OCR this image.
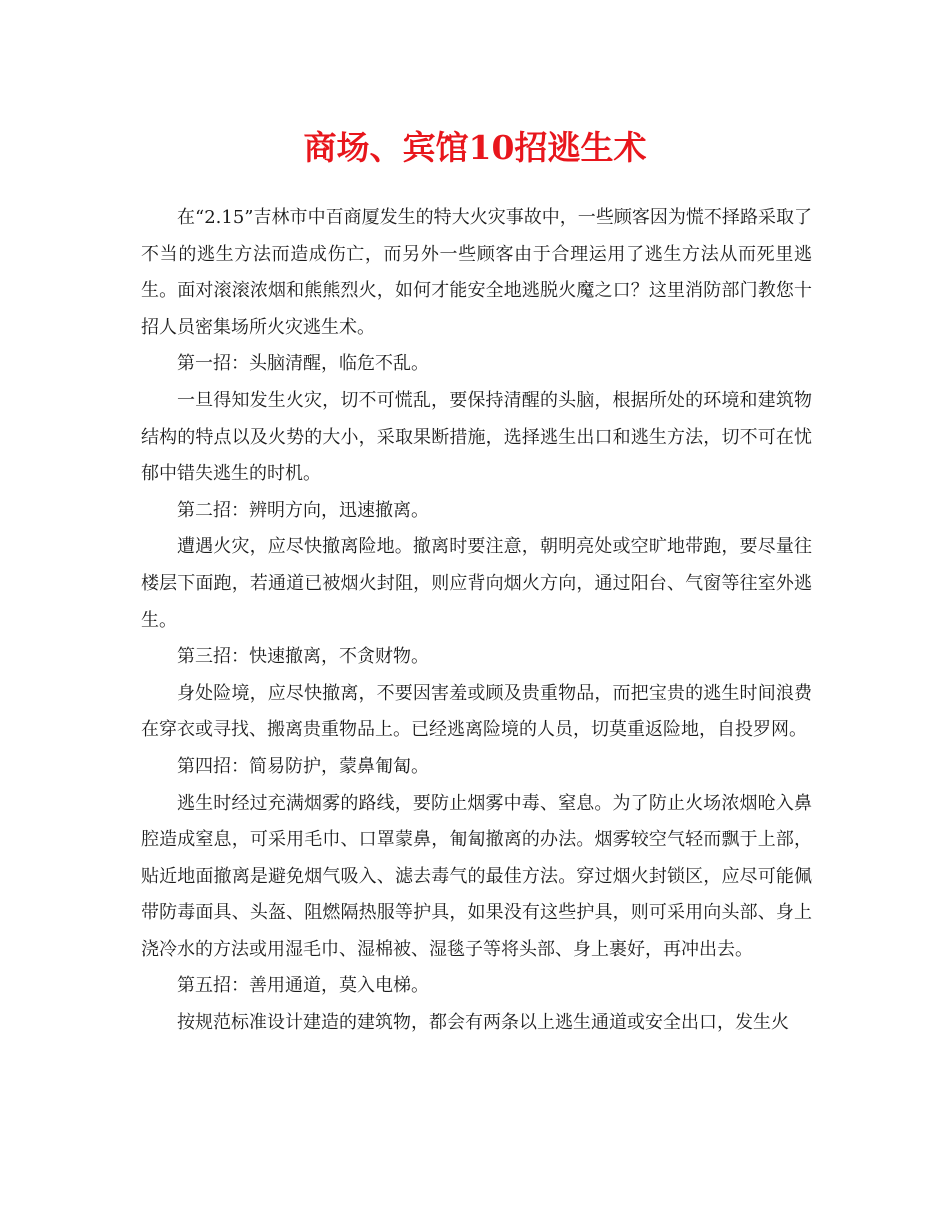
商场、宾馆10招逃生术

在“2.15”吉林市中百商厦发生的特大火灾事故中，一些顾客因为慌不择路采取了不当的逃生方法而造成伤亡，而另外一些顾客由于合理运用了逃生方法从而死里逃生。面对滚滚浓烟和熊熊烈火，如何才能安全地逃脱火魔之口？这里消防部门教您十招人员密集场所火灾逃生术。

第一招：头脑清醒，临危不乱。

一旦得知发生火灾，切不可慌乱，要保持清醒的头脑，根据所处的环境和建筑物结构的特点以及火势的大小，采取果断措施，选择逃生出口和逃生方法，切不可在忧郁中错失逃生的时机。

第二招：辨明方向，迅速撤离。

遭遇火灾，应尽快撤离险地。撤离时要注意，朝明亮处或空旷地带跑，要尽量往楼层下面跑，若通道已被烟火封阻，则应背向烟火方向，通过阳台、气窗等往室外逃生。

第三招：快速撤离，不贪财物。

身处险境，应尽快撤离，不要因害羞或顾及贵重物品，而把宝贵的逃生时间浪费在穿衣或寻找、搬离贵重物品上。已经逃离险境的人员，切莫重返险地，自投罗网。

第四招：简易防护，蒙鼻匍匐。

逃生时经过充满烟雾的路线，要防止烟雾中毒、窒息。为了防止火场浓烟呛入鼻腔造成窒息，可采用毛巾、口罩蒙鼻，匍匐撤离的办法。烟雾较空气轻而飘于上部，贴近地面撤离是避免烟气吸入、滤去毒气的最佳方法。穿过烟火封锁区，应尽可能佩带防毒面具、头盔、阻燃隔热服等护具，如果没有这些护具，则可采用向头部、身上浇冷水的方法或用湿毛巾、湿棉被、湿毯子等将头部、身上裹好，再冲出去。

第五招：善用通道，莫入电梯。

按规范标准设计建造的建筑物，都会有两条以上逃生通道或安全出口，发生火
